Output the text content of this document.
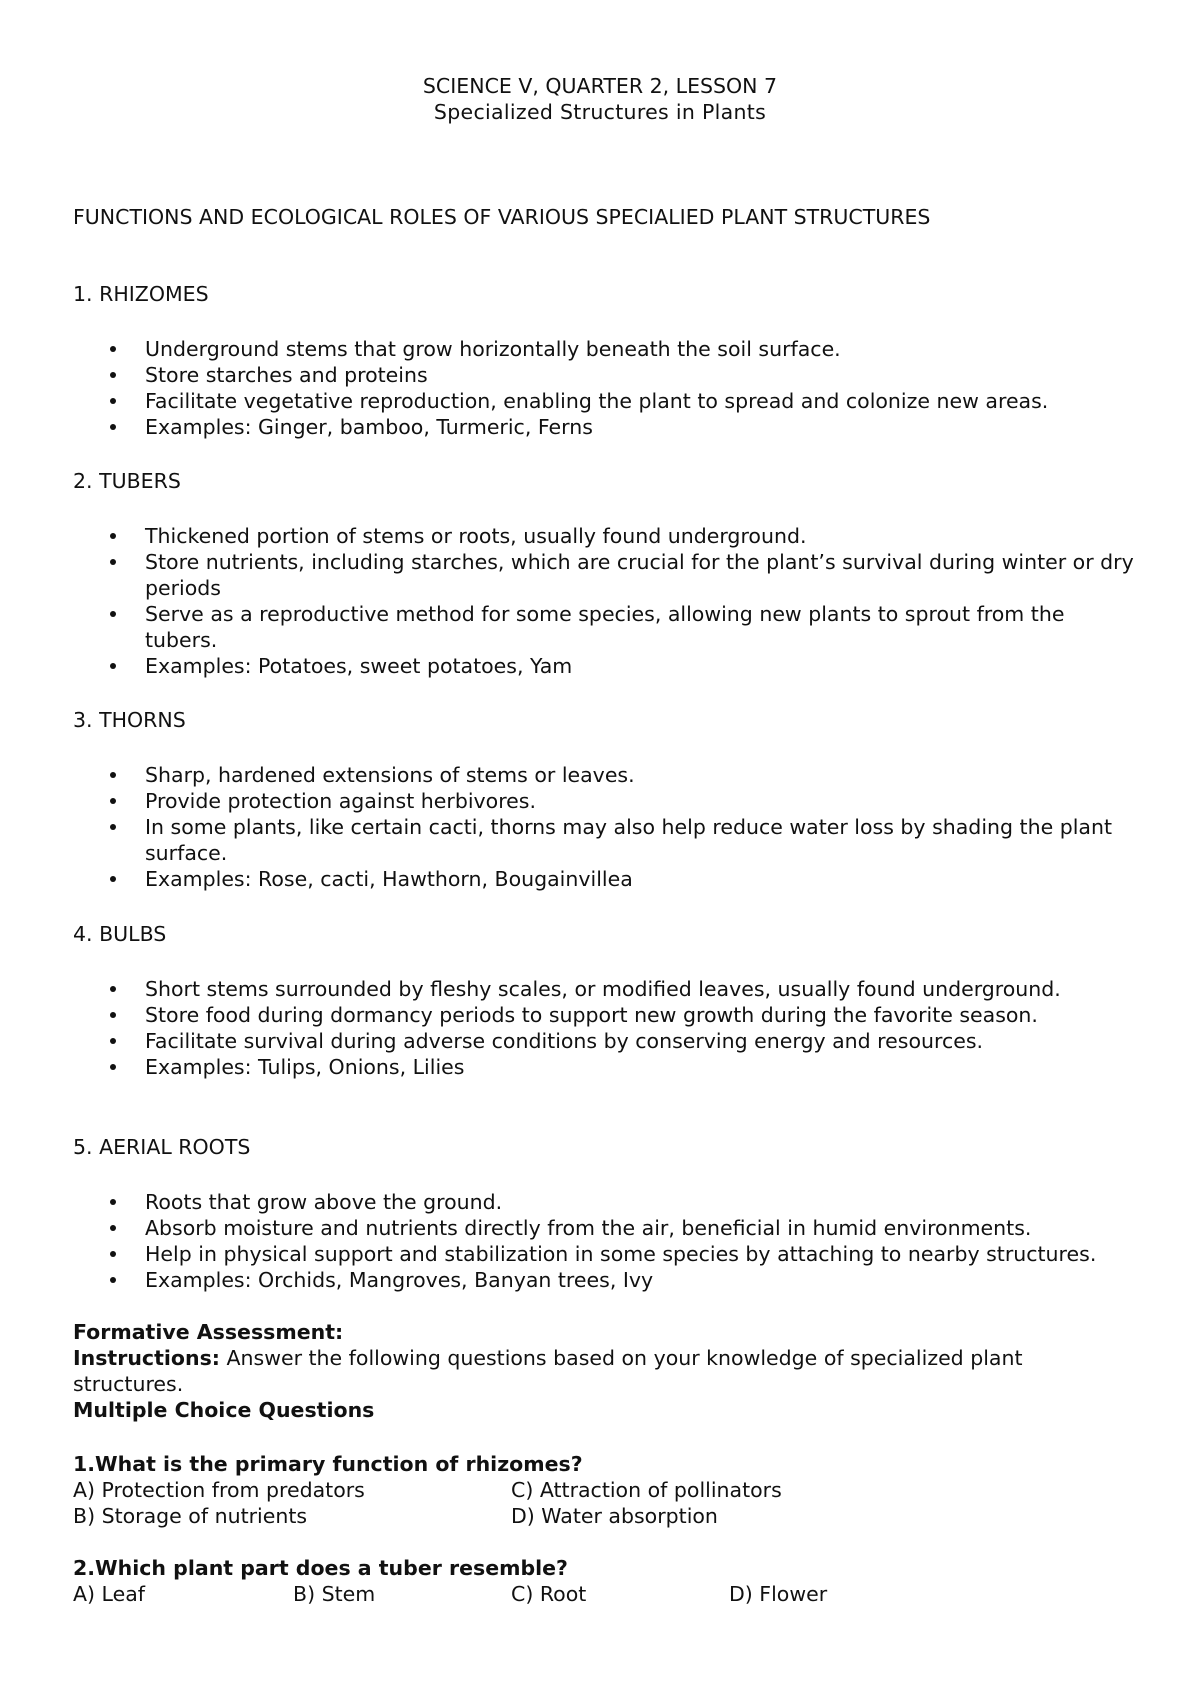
SCIENCE V, QUARTER 2, LESSON 7
Specialized Structures in Plants
FUNCTIONS AND ECOLOGICAL ROLES OF VARIOUS SPECIALIED PLANT STRUCTURES
1. RHIZOMES
Underground stems that grow horizontally beneath the soil surface.
Store starches and proteins
Facilitate vegetative reproduction, enabling the plant to spread and colonize new areas.
Examples: Ginger, bamboo, Turmeric, Ferns
2. TUBERS
Thickened portion of stems or roots, usually found underground.
Store nutrients, including starches, which are crucial for the plant’s survival during winter or dry periods
Serve as a reproductive method for some species, allowing new plants to sprout from the tubers.
Examples: Potatoes, sweet potatoes, Yam
3. THORNS
Sharp, hardened extensions of stems or leaves.
Provide protection against herbivores.
In some plants, like certain cacti, thorns may also help reduce water loss by shading the plant surface.
Examples: Rose, cacti, Hawthorn, Bougainvillea
4. BULBS
Short stems surrounded by fleshy scales, or modified leaves, usually found underground.
Store food during dormancy periods to support new growth during the favorite season.
Facilitate survival during adverse conditions by conserving energy and resources.
Examples: Tulips, Onions, Lilies
5. AERIAL ROOTS
Roots that grow above the ground.
Absorb moisture and nutrients directly from the air, beneficial in humid environments.
Help in physical support and stabilization in some species by attaching to nearby structures.
Examples: Orchids, Mangroves, Banyan trees, Ivy
Formative Assessment:
Instructions: Answer the following questions based on your knowledge of specialized plant structures.
Multiple Choice Questions
1.What is the primary function of rhizomes?
A) Protection from predators	C) Attraction of pollinators
B) Storage of nutrients	D) Water absorption
2.Which plant part does a tuber resemble?
A) Leaf	B) Stem	C) Root	D) Flower
